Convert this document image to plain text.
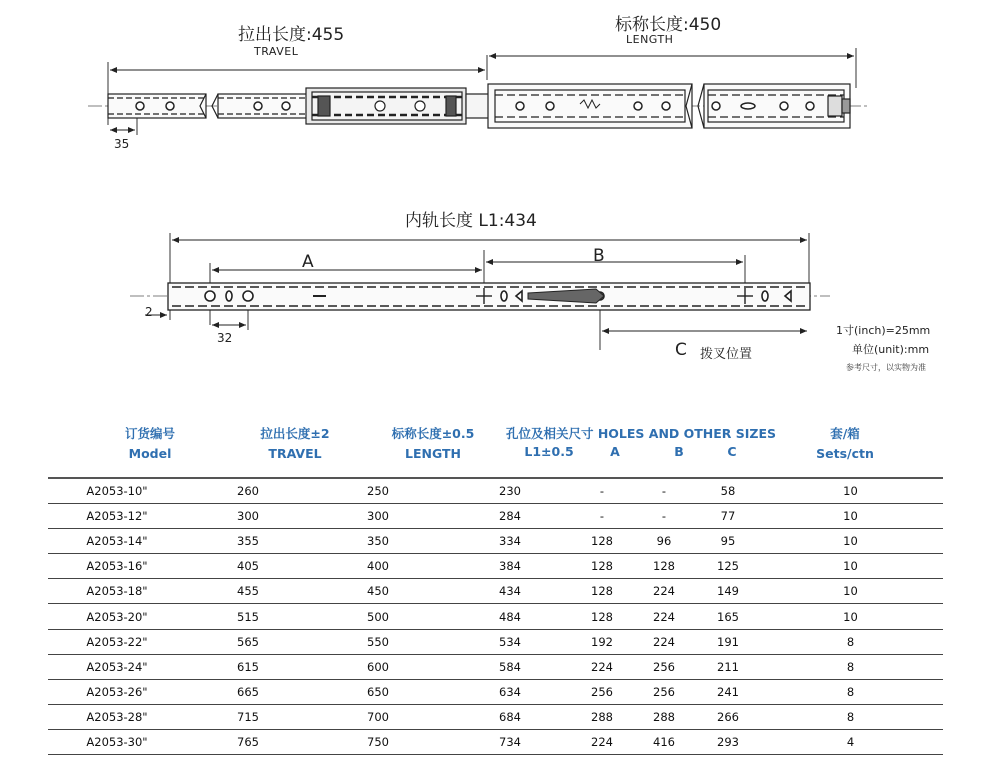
拉出长度:455
TRAVEL
标称长度:450
LENGTH
35
内轨长度 L1:434
A	B
C 拨叉位置
2
32
1寸(inch)=25mm
单位(unit):mm
参考尺寸，以实物为准
订货编号
Model
拉出长度±2
TRAVEL
标称长度±0.5
LENGTH
孔位及相关尺寸 HOLES AND OTHER SIZES
L1±0.5	A	B	C
套/箱
Sets/ctn
A2053-10"	260	250	230	-	-	58	10
A2053-12"	300	300	284	-	-	77	10
A2053-14"	355	350	334	128	96	95	10
A2053-16"	405	400	384	128	128	125	10
A2053-18"	455	450	434	128	224	149	10
A2053-20"	515	500	484	128	224	165	10
A2053-22"	565	550	534	192	224	191	8
A2053-24"	615	600	584	224	256	211	8
A2053-26"	665	650	634	256	256	241	8
A2053-28"	715	700	684	288	288	266	8
A2053-30"	765	750	734	224	416	293	4
